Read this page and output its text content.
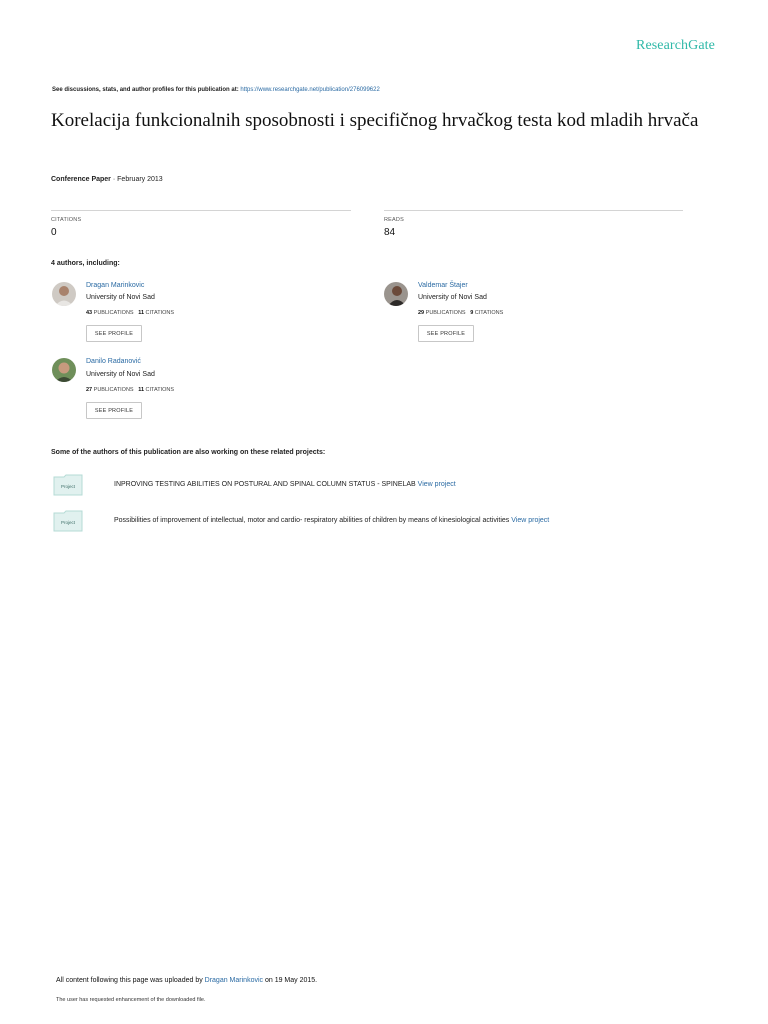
ResearchGate
See discussions, stats, and author profiles for this publication at: https://www.researchgate.net/publication/276099622
Korelacija funkcionalnih sposobnosti i specifičnog hrvačkog testa kod mladih hrvača
Conference Paper · February 2013
CITATIONS
0
READS
84
4 authors, including:
Dragan Marinkovic
University of Novi Sad
43 PUBLICATIONS 11 CITATIONS
SEE PROFILE
Valdemar Štajer
University of Novi Sad
29 PUBLICATIONS 9 CITATIONS
SEE PROFILE
Danilo Radanović
University of Novi Sad
27 PUBLICATIONS 11 CITATIONS
SEE PROFILE
Some of the authors of this publication are also working on these related projects:
Project	INPROVING TESTING ABILITIES ON POSTURAL AND SPINAL COLUMN STATUS - SPINELAB View project
Project	Possibilities of improvement of intellectual, motor and cardio- respiratory abilities of children by means of kinesiological activities View project
All content following this page was uploaded by Dragan Marinkovic on 19 May 2015.
The user has requested enhancement of the downloaded file.
